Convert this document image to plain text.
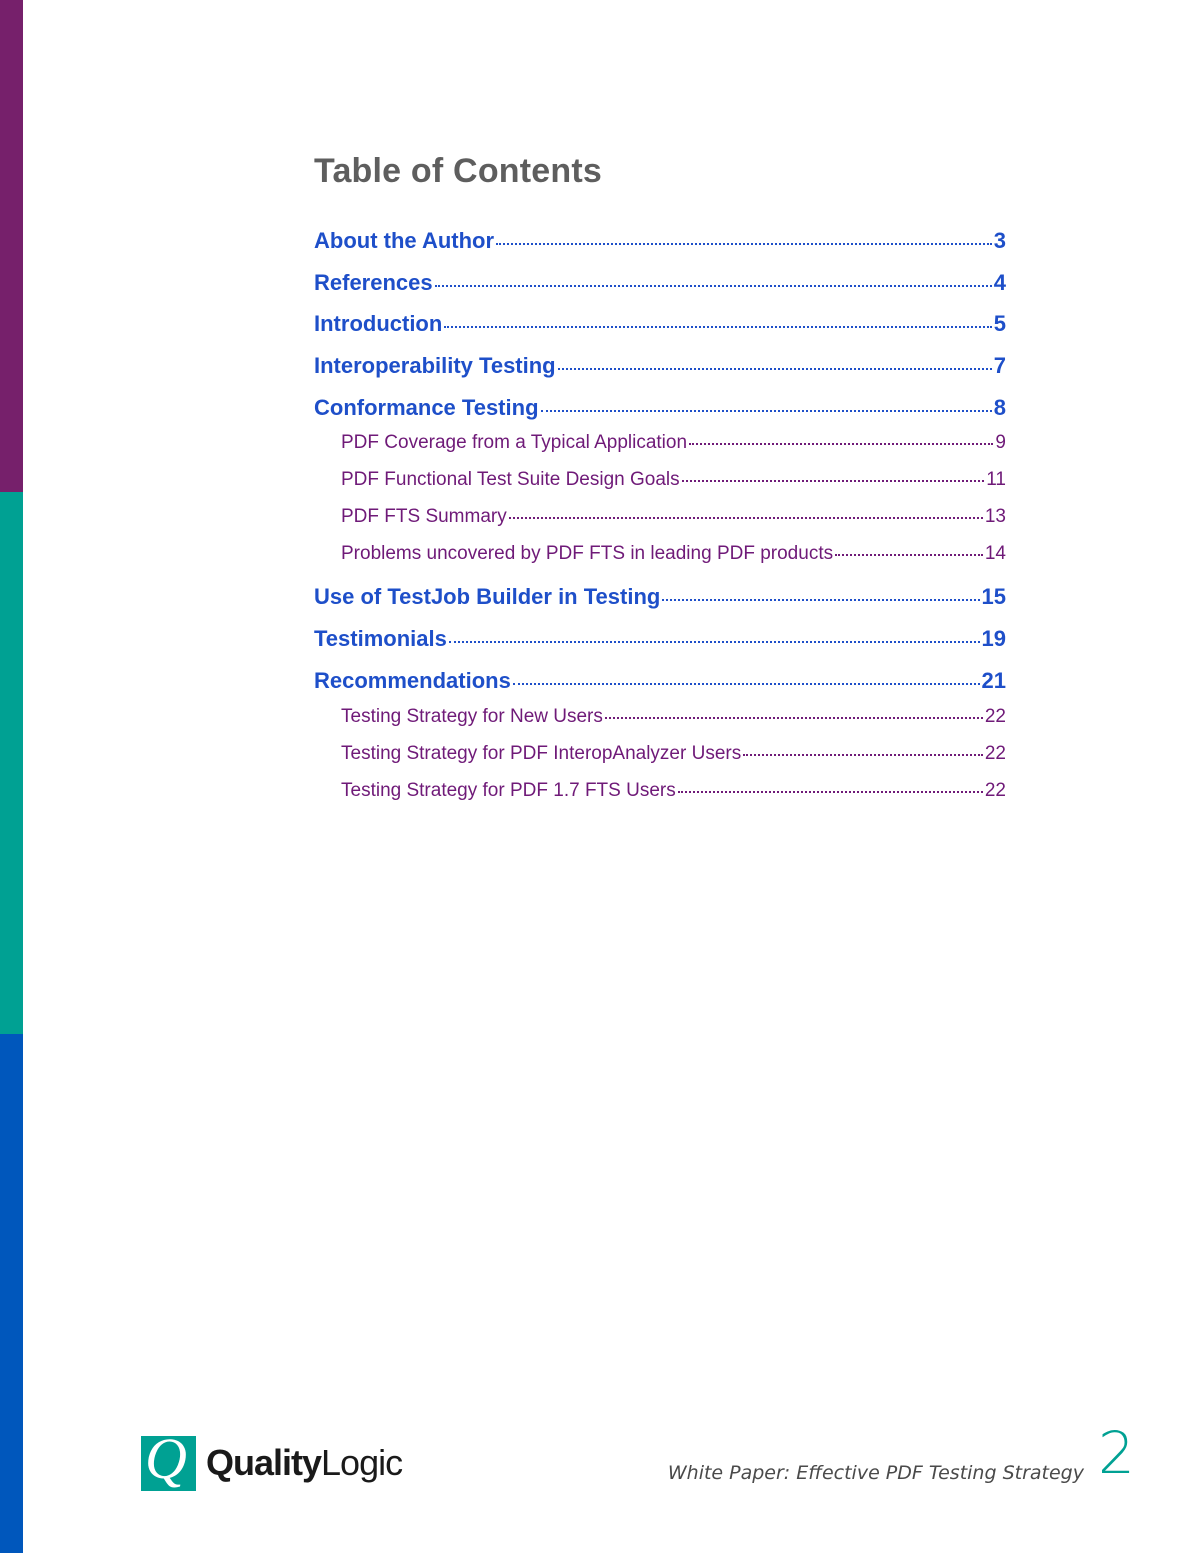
Table of Contents
About the Author	3
References	4
Introduction	5
Interoperability Testing	7
Conformance Testing	8
PDF Coverage from a Typical Application	9
PDF Functional Test Suite Design Goals	11
PDF FTS Summary	13
Problems uncovered by PDF FTS in leading PDF products	14
Use of TestJob Builder in Testing	15
Testimonials	19
Recommendations	21
Testing Strategy for New Users	22
Testing Strategy for PDF InteropAnalyzer Users	22
Testing Strategy for PDF 1.7 FTS Users	22
Q QualityLogic	White Paper: Effective PDF Testing Strategy 2
